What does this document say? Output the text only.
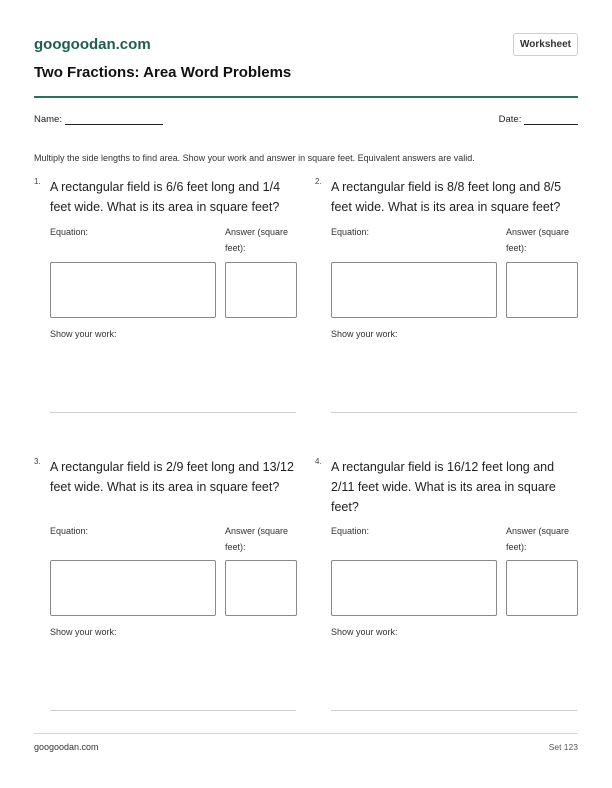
googoodan.com	Worksheet
Two Fractions: Area Word Problems
Name:	Date:
Multiply the side lengths to find area. Show your work and answer in square feet. Equivalent answers are valid.
1. A rectangular field is 6/6 feet long and 1/4 feet wide. What is its area in square feet?

Equation:	Answer (square feet):
Show your work:
2. A rectangular field is 8/8 feet long and 8/5 feet wide. What is its area in square feet?

Equation:	Answer (square feet):
Show your work:
3. A rectangular field is 2/9 feet long and 13/12 feet wide. What is its area in square feet?

Equation:	Answer (square feet):
Show your work:
4. A rectangular field is 16/12 feet long and 2/11 feet wide. What is its area in square feet?

Equation:	Answer (square feet):
Show your work:
googoodan.com	Set 123
